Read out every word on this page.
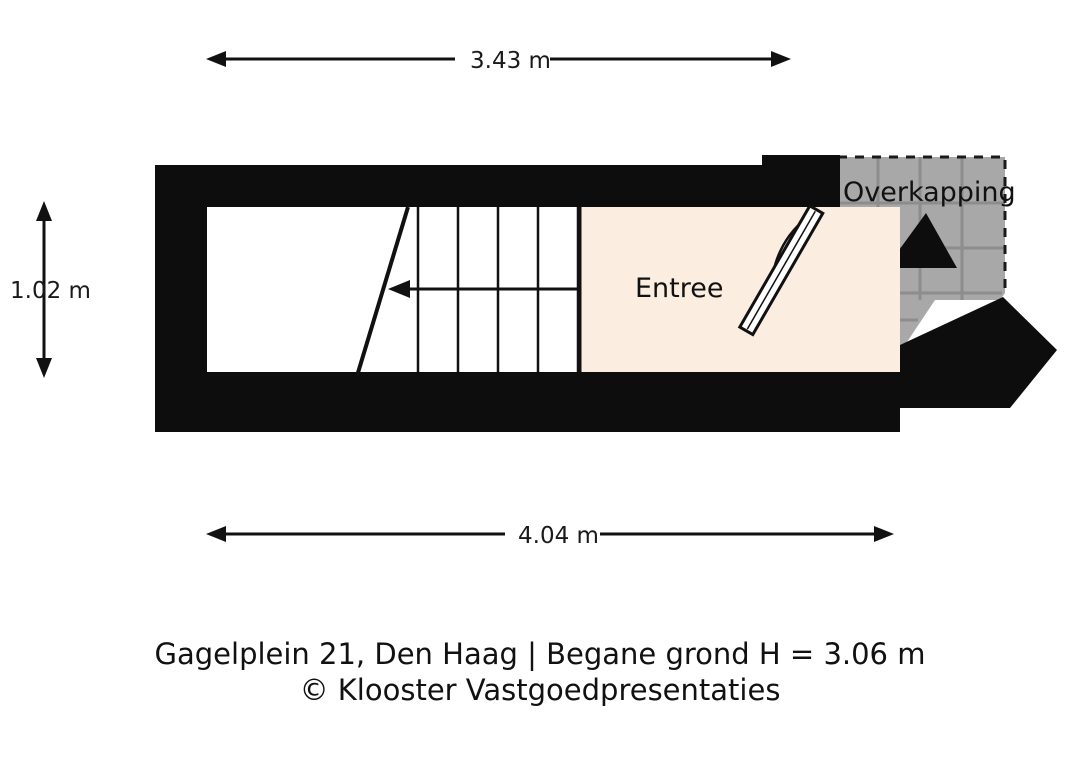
3.43 m
1.02 m
4.04 m
Entree
Overkapping
Gagelplein 21, Den Haag | Begane grond H = 3.06 m
© Klooster Vastgoedpresentaties
